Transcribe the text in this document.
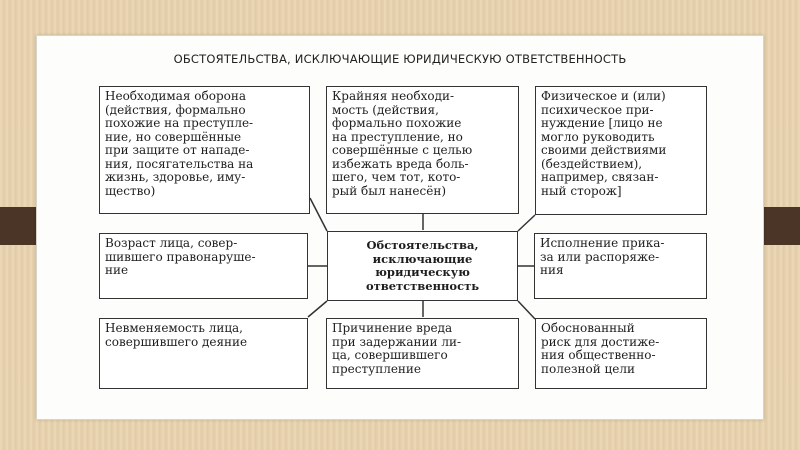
ОБСТОЯТЕЛЬСТВА, ИСКЛЮЧАЮЩИЕ ЮРИДИЧЕСКУЮ ОТВЕТСТВЕННОСТЬ
Необходимая оборона
(действия, формально
похожие на преступле-
ние, но совершённые
при защите от нападе-
ния, посягательства на
жизнь, здоровье, иму-
щество)
Крайняя необходи-
мость (действия,
формально похожие
на преступление, но
совершённые с целью
избежать вреда боль-
шего, чем тот, кото-
рый был нанесён)
Физическое и (или)
психическое при-
нуждение [лицо не
могло руководить
своими действиями
(бездействием),
например, связан-
ный сторож]
Возраст лица, совер-
шившего правонаруше-
ние
Обстоятельства, исключающие юридическую ответственность
Исполнение прика-
за или распоряже-
ния
Невменяемость лица,
совершившего деяние
Причинение вреда
при задержании ли-
ца, совершившего
преступление
Обоснованный
риск для достиже-
ния общественно-
полезной цели
